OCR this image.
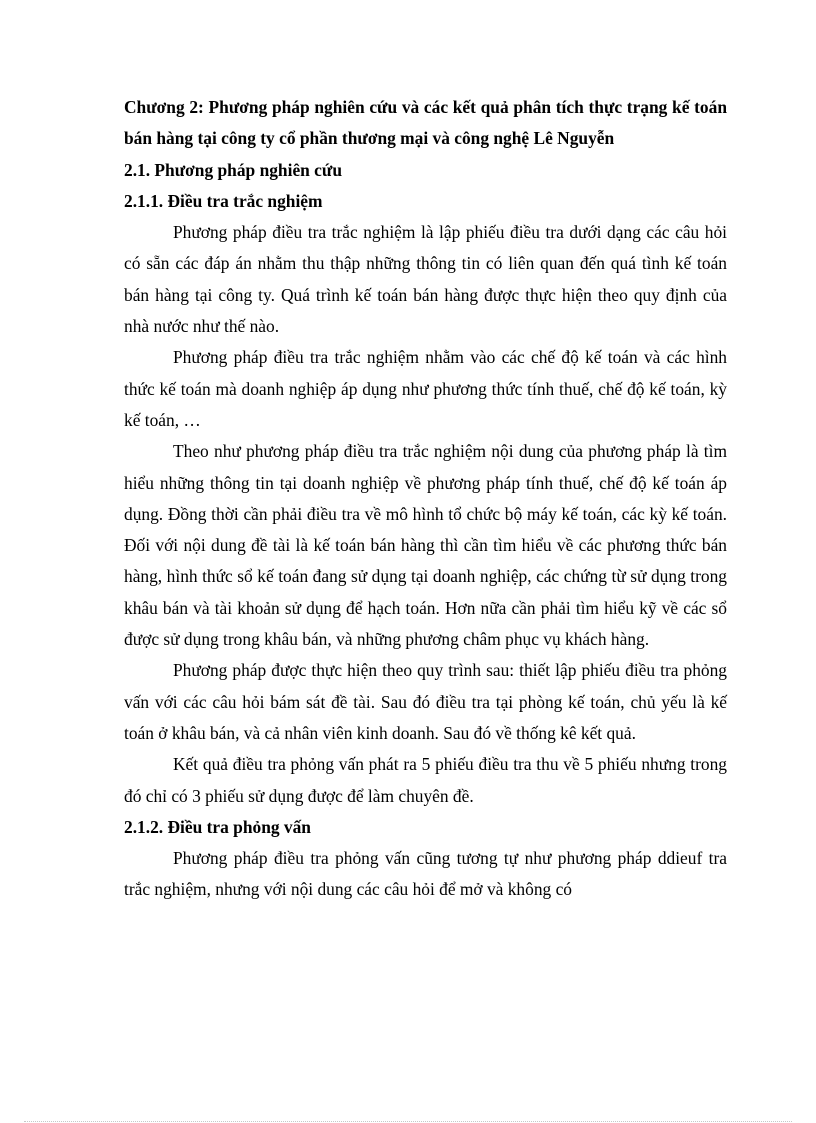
Chương 2: Phương pháp nghiên cứu và các kết quả phân tích thực trạng kế toán bán hàng tại công ty cổ phần thương mại và công nghệ Lê Nguyễn

2.1. Phương pháp nghiên cứu

2.1.1. Điều tra trắc nghiệm

Phương pháp điều tra trắc nghiệm là lập phiếu điều tra dưới dạng các câu hỏi có sẵn các đáp án nhằm thu thập những thông tin có liên quan đến quá tình kế toán bán hàng tại công ty. Quá trình kế toán bán hàng được thực hiện theo quy định của nhà nước như thế nào.

Phương pháp điều tra trắc nghiệm nhằm vào các chế độ kế toán và các hình thức kế toán mà doanh nghiệp áp dụng như phương thức tính thuế, chế độ kế toán, kỳ kế toán, …

Theo như phương pháp điều tra trắc nghiệm nội dung của phương pháp là tìm hiểu những thông tin tại doanh nghiệp về phương pháp tính thuế, chế độ kế toán áp dụng. Đồng thời cần phải điều tra về mô hình tổ chức bộ máy kế toán, các kỳ kế toán. Đối với nội dung đề tài là kế toán bán hàng thì cần tìm hiểu về các phương thức bán hàng, hình thức sổ kế toán đang sử dụng tại doanh nghiệp, các chứng từ sử dụng trong khâu bán và tài khoản sử dụng để hạch toán. Hơn nữa cần phải tìm hiểu kỹ về các sổ được sử dụng trong khâu bán, và những phương châm phục vụ khách hàng.

Phương pháp được thực hiện theo quy trình sau: thiết lập phiếu điều tra phỏng vấn với các câu hỏi bám sát đề tài. Sau đó điều tra tại phòng kế toán, chủ yếu là kế toán ở khâu bán, và cả nhân viên kinh doanh. Sau đó về thống kê kết quả.

Kết quả điều tra phỏng vấn phát ra 5 phiếu điều tra thu về 5 phiếu nhưng trong đó chỉ có 3 phiếu sử dụng được để làm chuyên đề.

2.1.2. Điều tra phỏng vấn

Phương pháp điều tra phỏng vấn cũng tương tự như phương pháp ddieuf tra trắc nghiệm, nhưng với nội dung các câu hỏi để mở và không có
